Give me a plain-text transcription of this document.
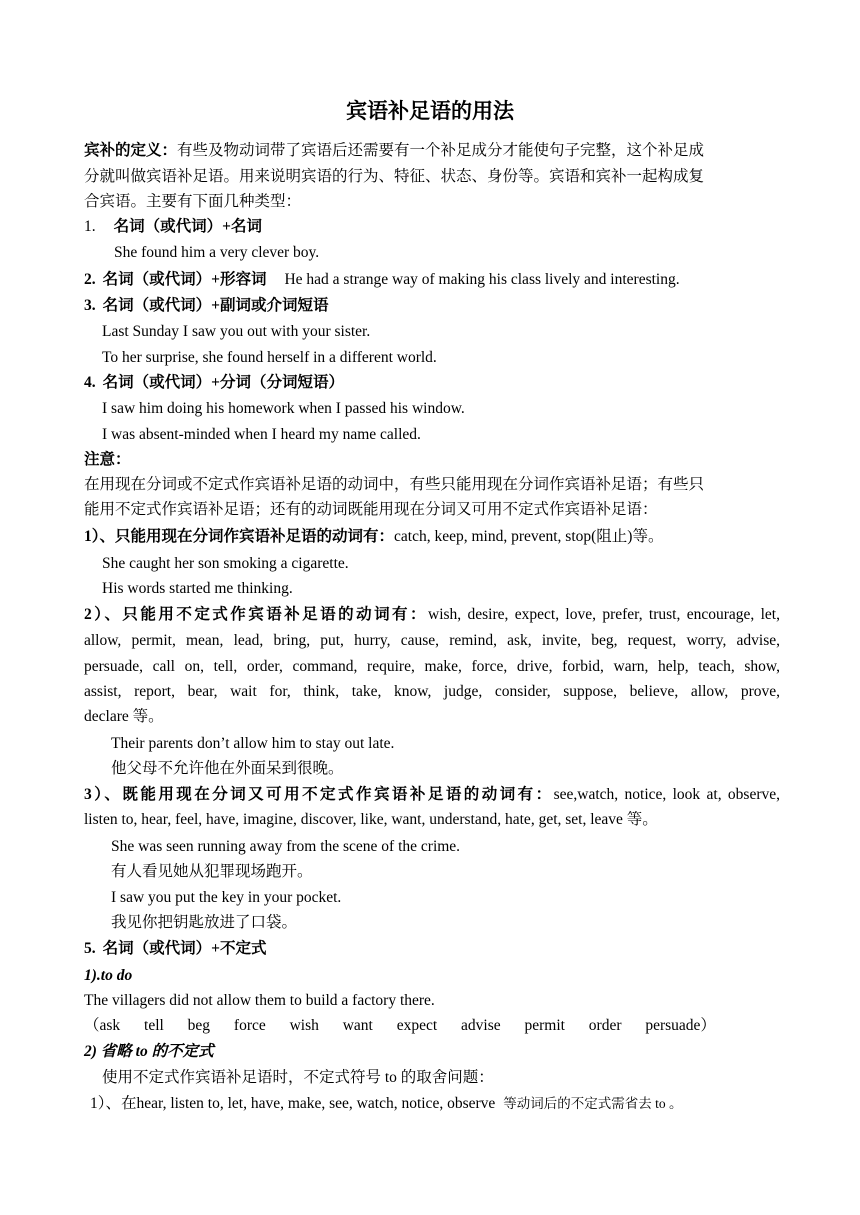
宾语补足语的用法
宾补的定义：有些及物动词带了宾语后还需要有一个补足成分才能使句子完整，这个补足成
分就叫做宾语补足语。用来说明宾语的行为、特征、状态、身份等。宾语和宾补一起构成复
合宾语。主要有下面几种类型：
1. 名词（或代词）+名词
She found him a very clever boy.
2. 名词（或代词）+形容词 He had a strange way of making his class lively and interesting.
3. 名词（或代词）+副词或介词短语
Last Sunday I saw you out with your sister.
To her surprise, she found herself in a different world.
4. 名词（或代词）+分词（分词短语）
I saw him doing his homework when I passed his window.
I was absent-minded when I heard my name called.
注意：
在用现在分词或不定式作宾语补足语的动词中，有些只能用现在分词作宾语补足语；有些只
能用不定式作宾语补足语；还有的动词既能用现在分词又可用不定式作宾语补足语：
1）、只能用现在分词作宾语补足语的动词有：catch, keep, mind, prevent, stop(阻止)等。
She caught her son smoking a cigarette.
His words started me thinking.
2）、只能用不定式作宾语补足语的动词有：wish, desire, expect, love, prefer, trust, encourage, let,
allow, permit, mean, lead, bring, put, hurry, cause, remind, ask, invite, beg, request, worry, advise,
persuade, call on, tell, order, command, require, make, force, drive, forbid, warn, help, teach, show,
assist, report, bear, wait for, think, take, know, judge, consider, suppose, believe, allow, prove,
declare 等。
Their parents don’t allow him to stay out late.
他父母不允许他在外面呆到很晚。
3）、既能用现在分词又可用不定式作宾语补足语的动词有：see,watch, notice, look at, observe,
listen to, hear, feel, have, imagine, discover, like, want, understand, hate, get, set, leave 等。
She was seen running away from the scene of the crime.
有人看见她从犯罪现场跑开。
I saw you put the key in your pocket.
我见你把钥匙放进了口袋。
5. 名词（或代词）+不定式
1).to do
The villagers did not allow them to build a factory there.
（ask tell beg force wish want expect advise permit order persuade）
2) 省略 to 的不定式
使用不定式作宾语补足语时，不定式符号 to 的取舍问题：
1）、在hear, listen to, let, have, make, see, watch, notice, observe 等动词后的不定式需省去 to 。
